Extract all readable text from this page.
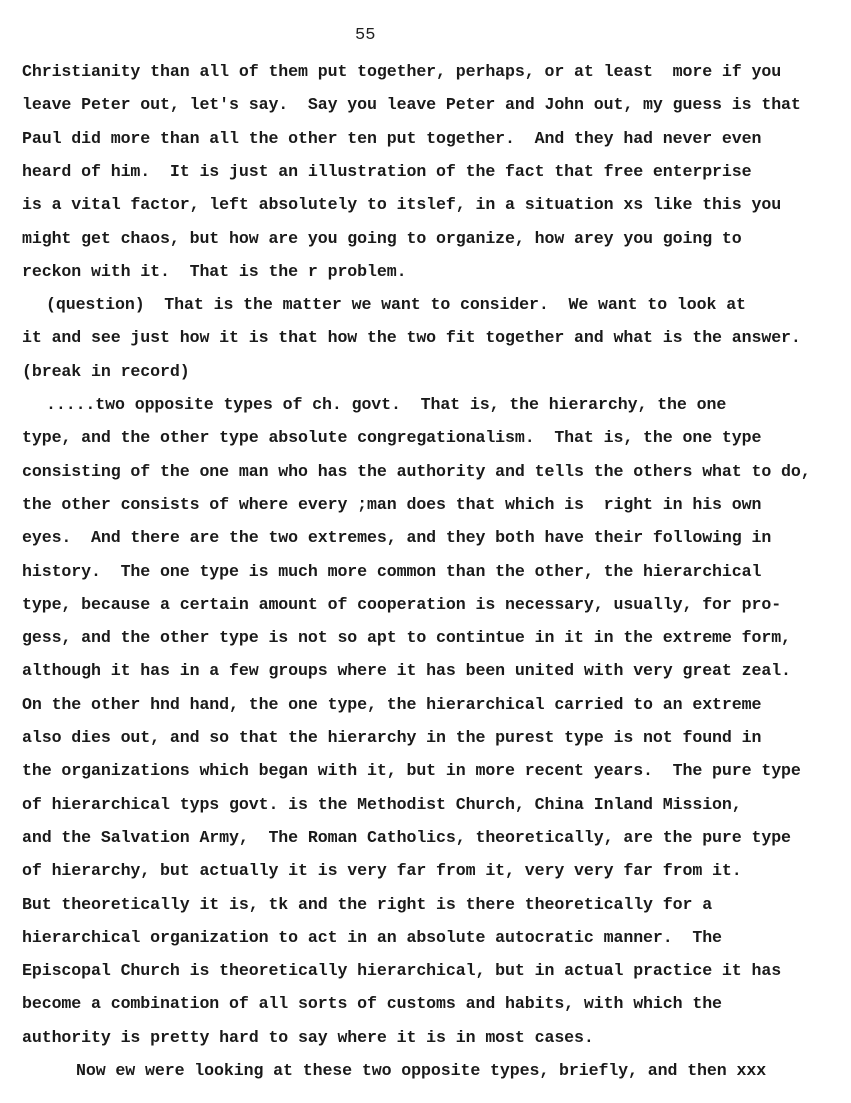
55
Christianity than all of them put together, perhaps, or at least  more if you
leave Peter out, let's say.  Say you leave Peter and John out, my guess is that
Paul did more than all the other ten put together.  And they had never even
heard of him.  It is just an illustration of the fact that free enterprise
is a vital factor, left absolutely to itslef, in a situation xs like this you
might get chaos, but how are you going to organize, how arey you going to
reckon with it.  That is the r problem.
(question)  That is the matter we want to consider.  We want to look at
it and see just how it is that how the two fit together and what is the answer.
(break in record)
.....two opposite types of ch. govt.  That is, the hierarchy, the one
type, and the other type absolute congregationalism.  That is, the one type
consisting of the one man who has the authority and tells the others what to do,
the other consists of where every ;man does that which is  right in his own
eyes.  And there are the two extremes, and they both have their following in
history.  The one type is much more common than the other, the hierarchical
type, because a certain amount of cooperation is necessary, usually, for pro-
gess, and the other type is not so apt to contintue in it in the extreme form,
although it has in a few groups where it has been united with very great zeal.
On the other hnd hand, the one type, the hierarchical carried to an extreme
also dies out, and so that the hierarchy in the purest type is not found in
the organizations which began with it, but in more recent years.  The pure type
of hierarchical typs govt. is the Methodist Church, China Inland Mission,
and the Salvation Army,  The Roman Catholics, theoretically, are the pure type
of hierarchy, but actually it is very far from it, very very far from it.
But theoretically it is, tk and the right is there theoretically for a
hierarchical organization to act in an absolute autocratic manner.  The
Episcopal Church is theoretically hierarchical, but in actual practice it has
become a combination of all sorts of customs and habits, with which the
authority is pretty hard to say where it is in most cases.
Now ew were looking at these two opposite types, briefly, and then xxx
